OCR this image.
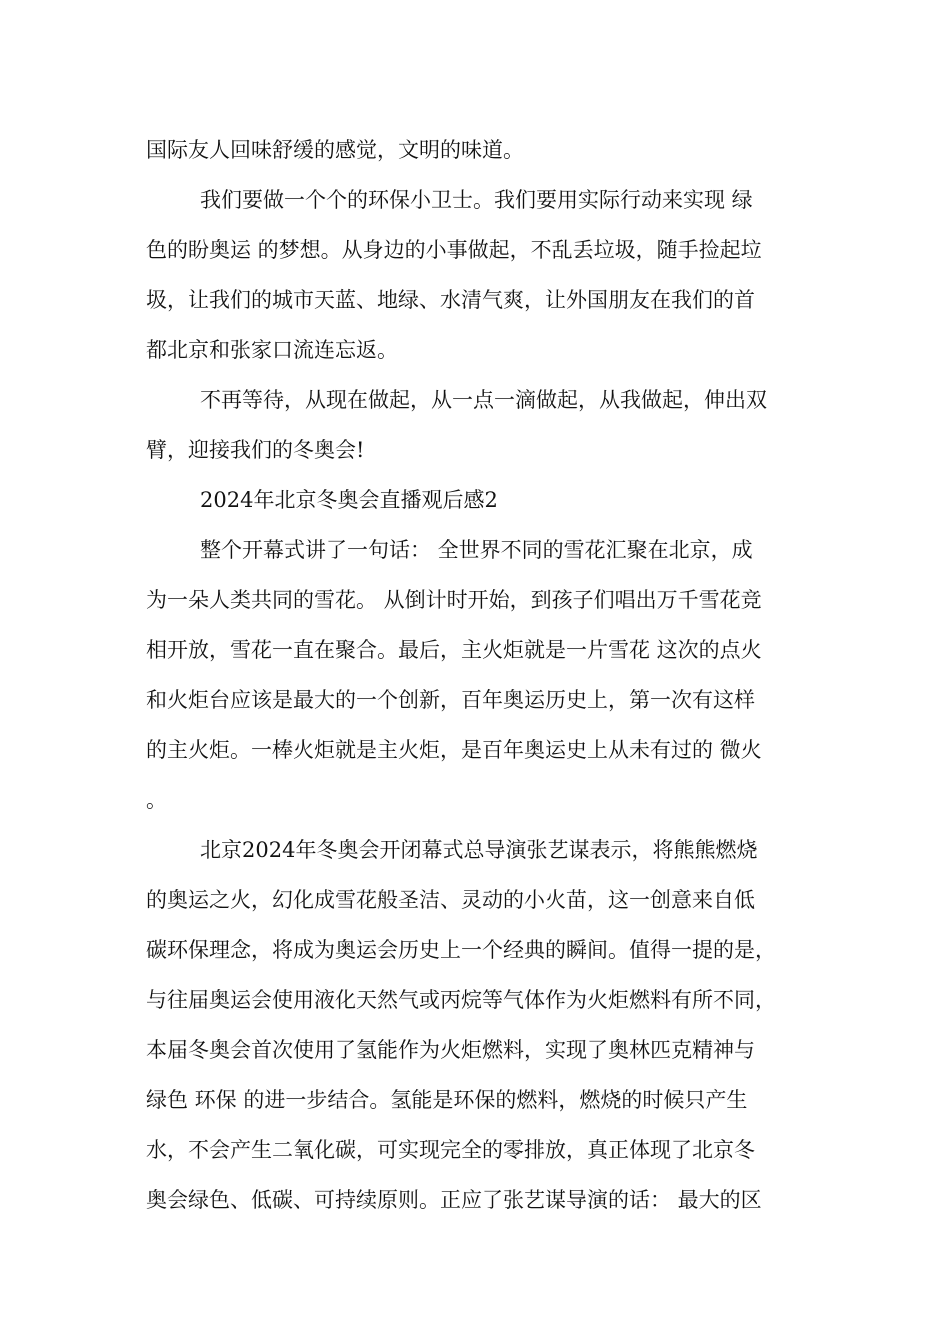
国际友人回味舒缓的感觉，文明的味道。
我们要做一个个的环保小卫士。我们要用实际行动来实现 绿
色的盼奥运 的梦想。从身边的小事做起，不乱丢垃圾，随手捡起垃
圾，让我们的城市天蓝、地绿、水清气爽，让外国朋友在我们的首
都北京和张家口流连忘返。
不再等待，从现在做起，从一点一滴做起，从我做起，伸出双
臂，迎接我们的冬奥会!
2024年北京冬奥会直播观后感2
整个开幕式讲了一句话： 全世界不同的雪花汇聚在北京，成
为一朵人类共同的雪花。 从倒计时开始，到孩子们唱出万千雪花竞
相开放，雪花一直在聚合。最后，主火炬就是一片雪花 这次的点火
和火炬台应该是最大的一个创新，百年奥运历史上，第一次有这样
的主火炬。一棒火炬就是主火炬，是百年奥运史上从未有过的 微火
。
北京2024年冬奥会开闭幕式总导演张艺谋表示，将熊熊燃烧
的奥运之火，幻化成雪花般圣洁、灵动的小火苗，这一创意来自低
碳环保理念，将成为奥运会历史上一个经典的瞬间。值得一提的是，
与往届奥运会使用液化天然气或丙烷等气体作为火炬燃料有所不同，
本届冬奥会首次使用了氢能作为火炬燃料，实现了奥林匹克精神与
绿色 环保 的进一步结合。氢能是环保的燃料，燃烧的时候只产生
水，不会产生二氧化碳，可实现完全的零排放，真正体现了北京冬
奥会绿色、低碳、可持续原则。正应了张艺谋导演的话： 最大的区
